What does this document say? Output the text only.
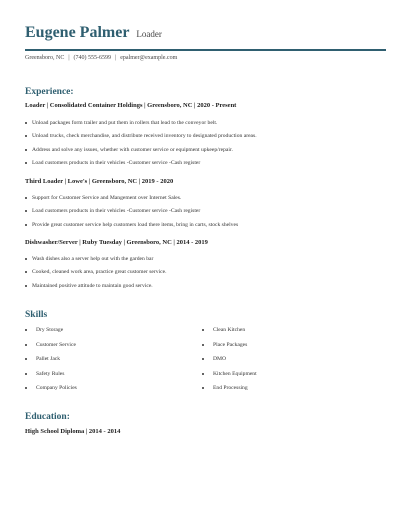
Eugene Palmer Loader
Greensboro, NC | (740) 555-6599 | epalmer@example.com
Experience:
Loader | Consolidated Container Holdings | Greensboro, NC | 2020 - Present
Unload packages form trailer and put them in rollers that lead to the conveyor belt.
Unload trucks, check merchandise, and distribute received inventory to designated production areas.
Address and solve any issues, whether with customer service or equipment upkeep/repair.
Load customers products in their vehicles -Customer service -Cash register
Third Loader | Lowe's | Greensboro, NC | 2019 - 2020
Support for Customer Service and Mangement over Internet Sales.
Load customers products in their vehicles -Customer service -Cash register
Provide great customer service help customers load there items, bring in carts, stock shelves
Dishwasher/Server | Ruby Tuesday | Greensboro, NC | 2014 - 2019
Wash dishes also a server help out with the garden bar
Cooked, cleaned work area, practice great customer service.
Maintained positive attitude to maintain good service.
Skills
Dry Storage
Customer Service
Pallet Jack
Safety Rules
Company Policies
Clean Kitchen
Place Packages
DMO
Kitchen Equipment
End Processing
Education:
High School Diploma | 2014 - 2014
